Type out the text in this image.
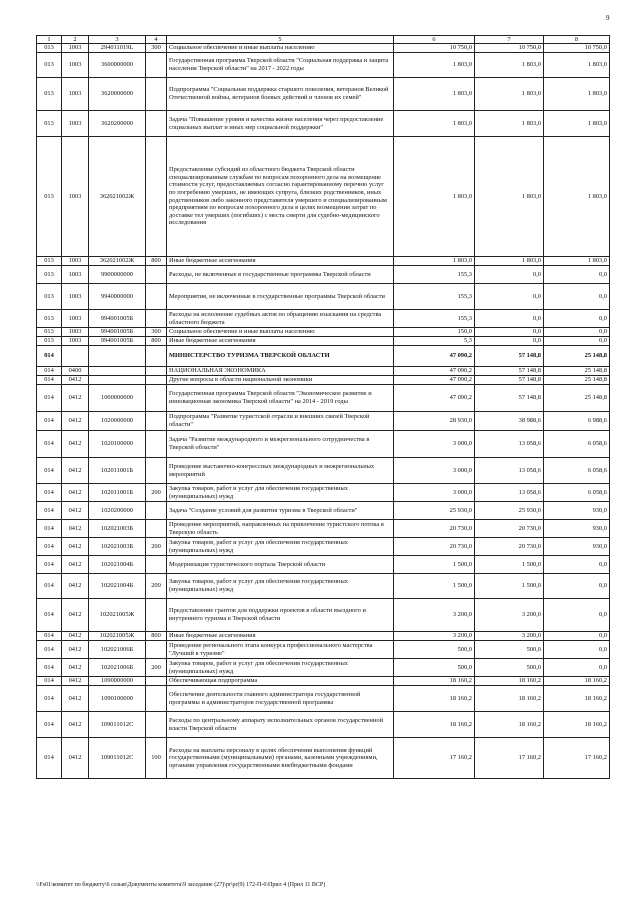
9
1	2	3	4	5	6	7	8
013	1003	294011019L	300	Социальное обеспечение и иные выплаты населению	10 750,0	10 750,0	10 750,0
013	1003	3600000000		Государственная программа Тверской области "Социальная поддержка и защита населения Тверской области" на 2017 - 2022 годы	1 803,0	1 803,0	1 803,0
013	1003	3620000000		Подпрограмма "Социальная поддержка старшего поколения, ветеранов Великой Отечественной войны, ветеранов боевых действий и членов их семей"	1 803,0	1 803,0	1 803,0
013	1003	3620200000		Задача "Повышение уровня и качества жизни населения через предоставление социальных выплат и иных мер социальной поддержки"	1 803,0	1 803,0	1 803,0
013	1003	362021002Ж		Предоставление субсидий из областного бюджета Тверской области специализированным службам по вопросам похоронного дела на возмещение стоимости услуг, предоставляемых согласно гарантированному перечню услуг по погребению умерших, не имеющих супруга, близких родственников, иных родственников либо законного представителя умершего и специализированным предприятиям по вопросам похоронного дела в целях возмещения затрат по доставке тел умерших (погибших) с места смерти для судебно-медицинского исследования	1 803,0	1 803,0	1 803,0
013	1003	362021002Ж	800	Иные бюджетные ассигнования	1 803,0	1 803,0	1 803,0
013	1003	9900000000		Расходы, не включенные в государственные программы Тверской области	155,3	0,0	0,0
013	1003	9940000000		Мероприятия, не включенные в государственные программы Тверской области	155,3	0,0	0,0
013	1003	994001005Б		Расходы на исполнение судебных актов по обращению взыскания на средства областного бюджета	155,3	0,0	0,0
013	1003	994001005Б	300	Социальное обеспечение и иные выплаты населению	150,0	0,0	0,0
013	1003	994001005Б	800	Иные бюджетные ассигнования	5,3	0,0	0,0
014				МИНИСТЕРСТВО ТУРИЗМА ТВЕРСКОЙ ОБЛАСТИ	47 090,2	57 148,8	25 148,8
014	0400			НАЦИОНАЛЬНАЯ ЭКОНОМИКА	47 090,2	57 148,8	25 148,8
014	0412			Другие вопросы в области национальной экономики	47 090,2	57 148,8	25 148,8
014	0412	1000000000		Государственная программа Тверской области "Экономическое развитие и инновационная экономика Тверской области" на 2014 - 2019 годы	47 090,2	57 148,8	25 148,8
014	0412	1020000000		Подпрограмма "Развитие туристской отрасли и внешних связей Тверской области"	28 930,0	38 988,6	6 988,6
014	0412	1020100000		Задача "Развитие международного и межрегионального сотрудничества в Тверской области"	3 000,0	13 058,6	6 058,6
014	0412	102011001Б		Проведение выставочно-конгрессных международных и межрегиональных мероприятий	3 000,0	13 058,6	6 058,6
014	0412	102011001Б	200	Закупка товаров, работ и услуг для обеспечения государственных (муниципальных) нужд	3 000,0	13 058,6	6 058,6
014	0412	1020200000		Задача "Создание условий для развития туризма в Тверской области"	25 930,0	25 930,0	930,0
014	0412	102021003Б		Проведение мероприятий, направленных на привлечение туристского потока в Тверскую область	20 730,0	20 730,0	930,0
014	0412	102021003Б	200	Закупка товаров, работ и услуг для обеспечения государственных (муниципальных) нужд	20 730,0	20 730,0	930,0
014	0412	102021004Б		Модернизация туристического портала Тверской области	1 500,0	1 500,0	0,0
014	0412	102021004Б	200	Закупка товаров, работ и услуг для обеспечения государственных (муниципальных) нужд	1 500,0	1 500,0	0,0
014	0412	102021005Ж		Предоставление грантов для поддержки проектов в области въездного и внутреннего туризма в Тверской области	3 200,0	3 200,0	0,0
014	0412	102021005Ж	800	Иные бюджетные ассигнования	3 200,0	3 200,0	0,0
014	0412	102021006Б		Проведение регионального этапа конкурса профессионального мастерства "Лучший в туризме"	500,0	500,0	0,0
014	0412	102021006Б	200	Закупка товаров, работ и услуг для обеспечения государственных (муниципальных) нужд	500,0	500,0	0,0
014	0412	1090000000		Обеспечивающая подпрограмма	18 160,2	18 160,2	18 160,2
014	0412	1090100000		Обеспечение деятельности главного администратора государственной программы и администраторов государственной программы	18 160,2	18 160,2	18 160,2
014	0412	109011012С		Расходы по центральному аппарату исполнительных органов государственной власти Тверской области	18 160,2	18 160,2	18 160,2
014	0412	109011012С	100	Расходы на выплаты персоналу в целях обеспечения выполнения функций государственными (муниципальными) органами, казенными учреждениями, органами управления государственными внебюджетными фондами	17 160,2	17 160,2	17 160,2
\\Fs01\комитет по бюджету\6 созыв\Документы комитета\9 заседание (27)\pr\pr(9) 172-П-6\Прил 4 (Прил 11 ВСР)
